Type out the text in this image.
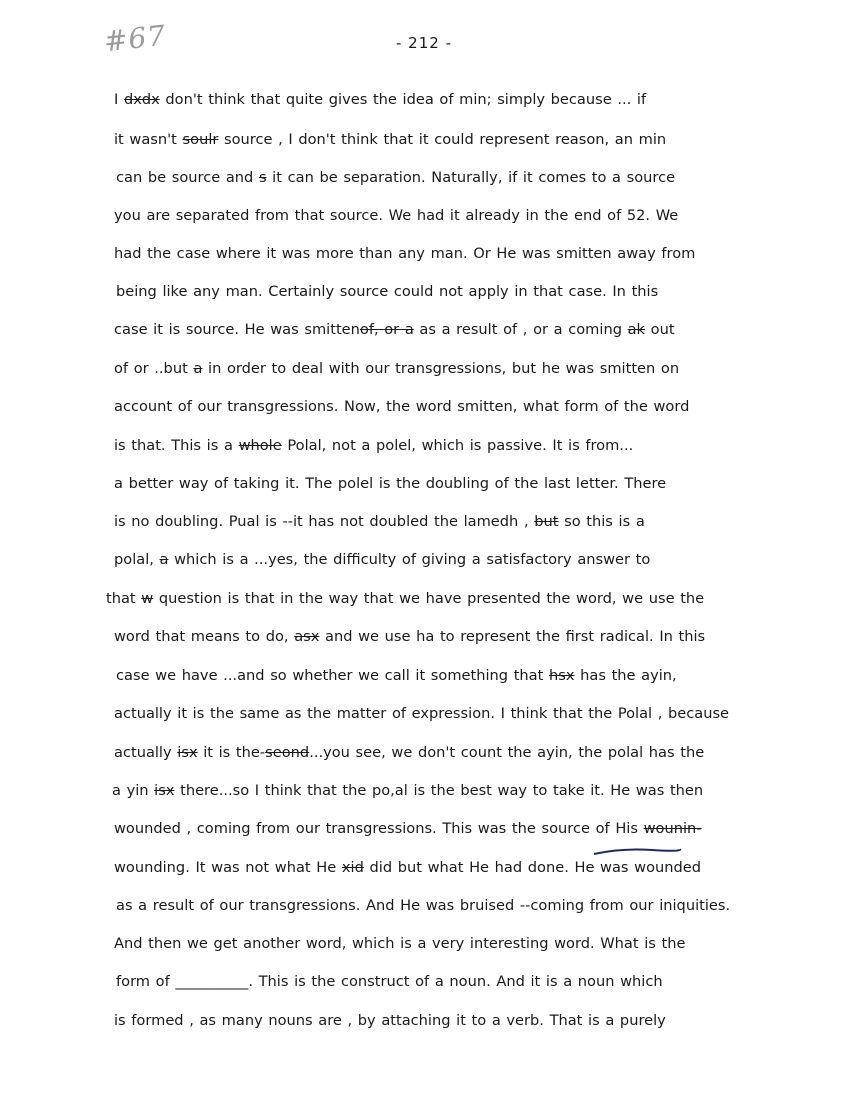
#67	- 212 -
I dxdx don't think that quite gives the idea of min; simply because ... if
it wasn't soulr source , I don't think that it could represent reason, an min
can be source and s it can be separation. Naturally, if it comes to a source
you are separated from that source. We had it already in the end of 52. We
had the case where it was more than any man. Or He was smitten away from
being like any man. Certainly source could not apply in that case. In this
case it is source. He was smittenof, or a as a result of , or a coming ak out
of or ..but a in order to deal with our transgressions, but he was smitten on
account of our transgressions. Now, the word smitten, what form of the word
is that. This is a whole Polal, not a polel, which is passive. It is from...
a better way of taking it. The polel is the doubling of the last letter. There
is no doubling. Pual is --it has not doubled the lamedh , but so this is a
polal, a which is a ...yes, the difficulty of giving a satisfactory answer to
that w question is that in the way that we have presented the word, we use the
word that means to do, asx and we use ha to represent the first radical. In this
case we have ...and so whether we call it something that hsx has the ayin,
actually it is the same as the matter of expression. I think that the Polal , because
actually isx it is the-seond...you see, we don't count the ayin, the polal has the
a yin isx there...so I think that the po,al is the best way to take it. He was then
wounded , coming from our transgressions. This was the source of His wounin-
wounding. It was not what He xid did but what He had done. He was wounded
as a result of our transgressions. And He was bruised --coming from our iniquities.
And then we get another word, which is a very interesting word. What is the
form of __________. This is the construct of a noun. And it is a noun which
is formed , as many nouns are , by attaching it to a verb. That is a purely
